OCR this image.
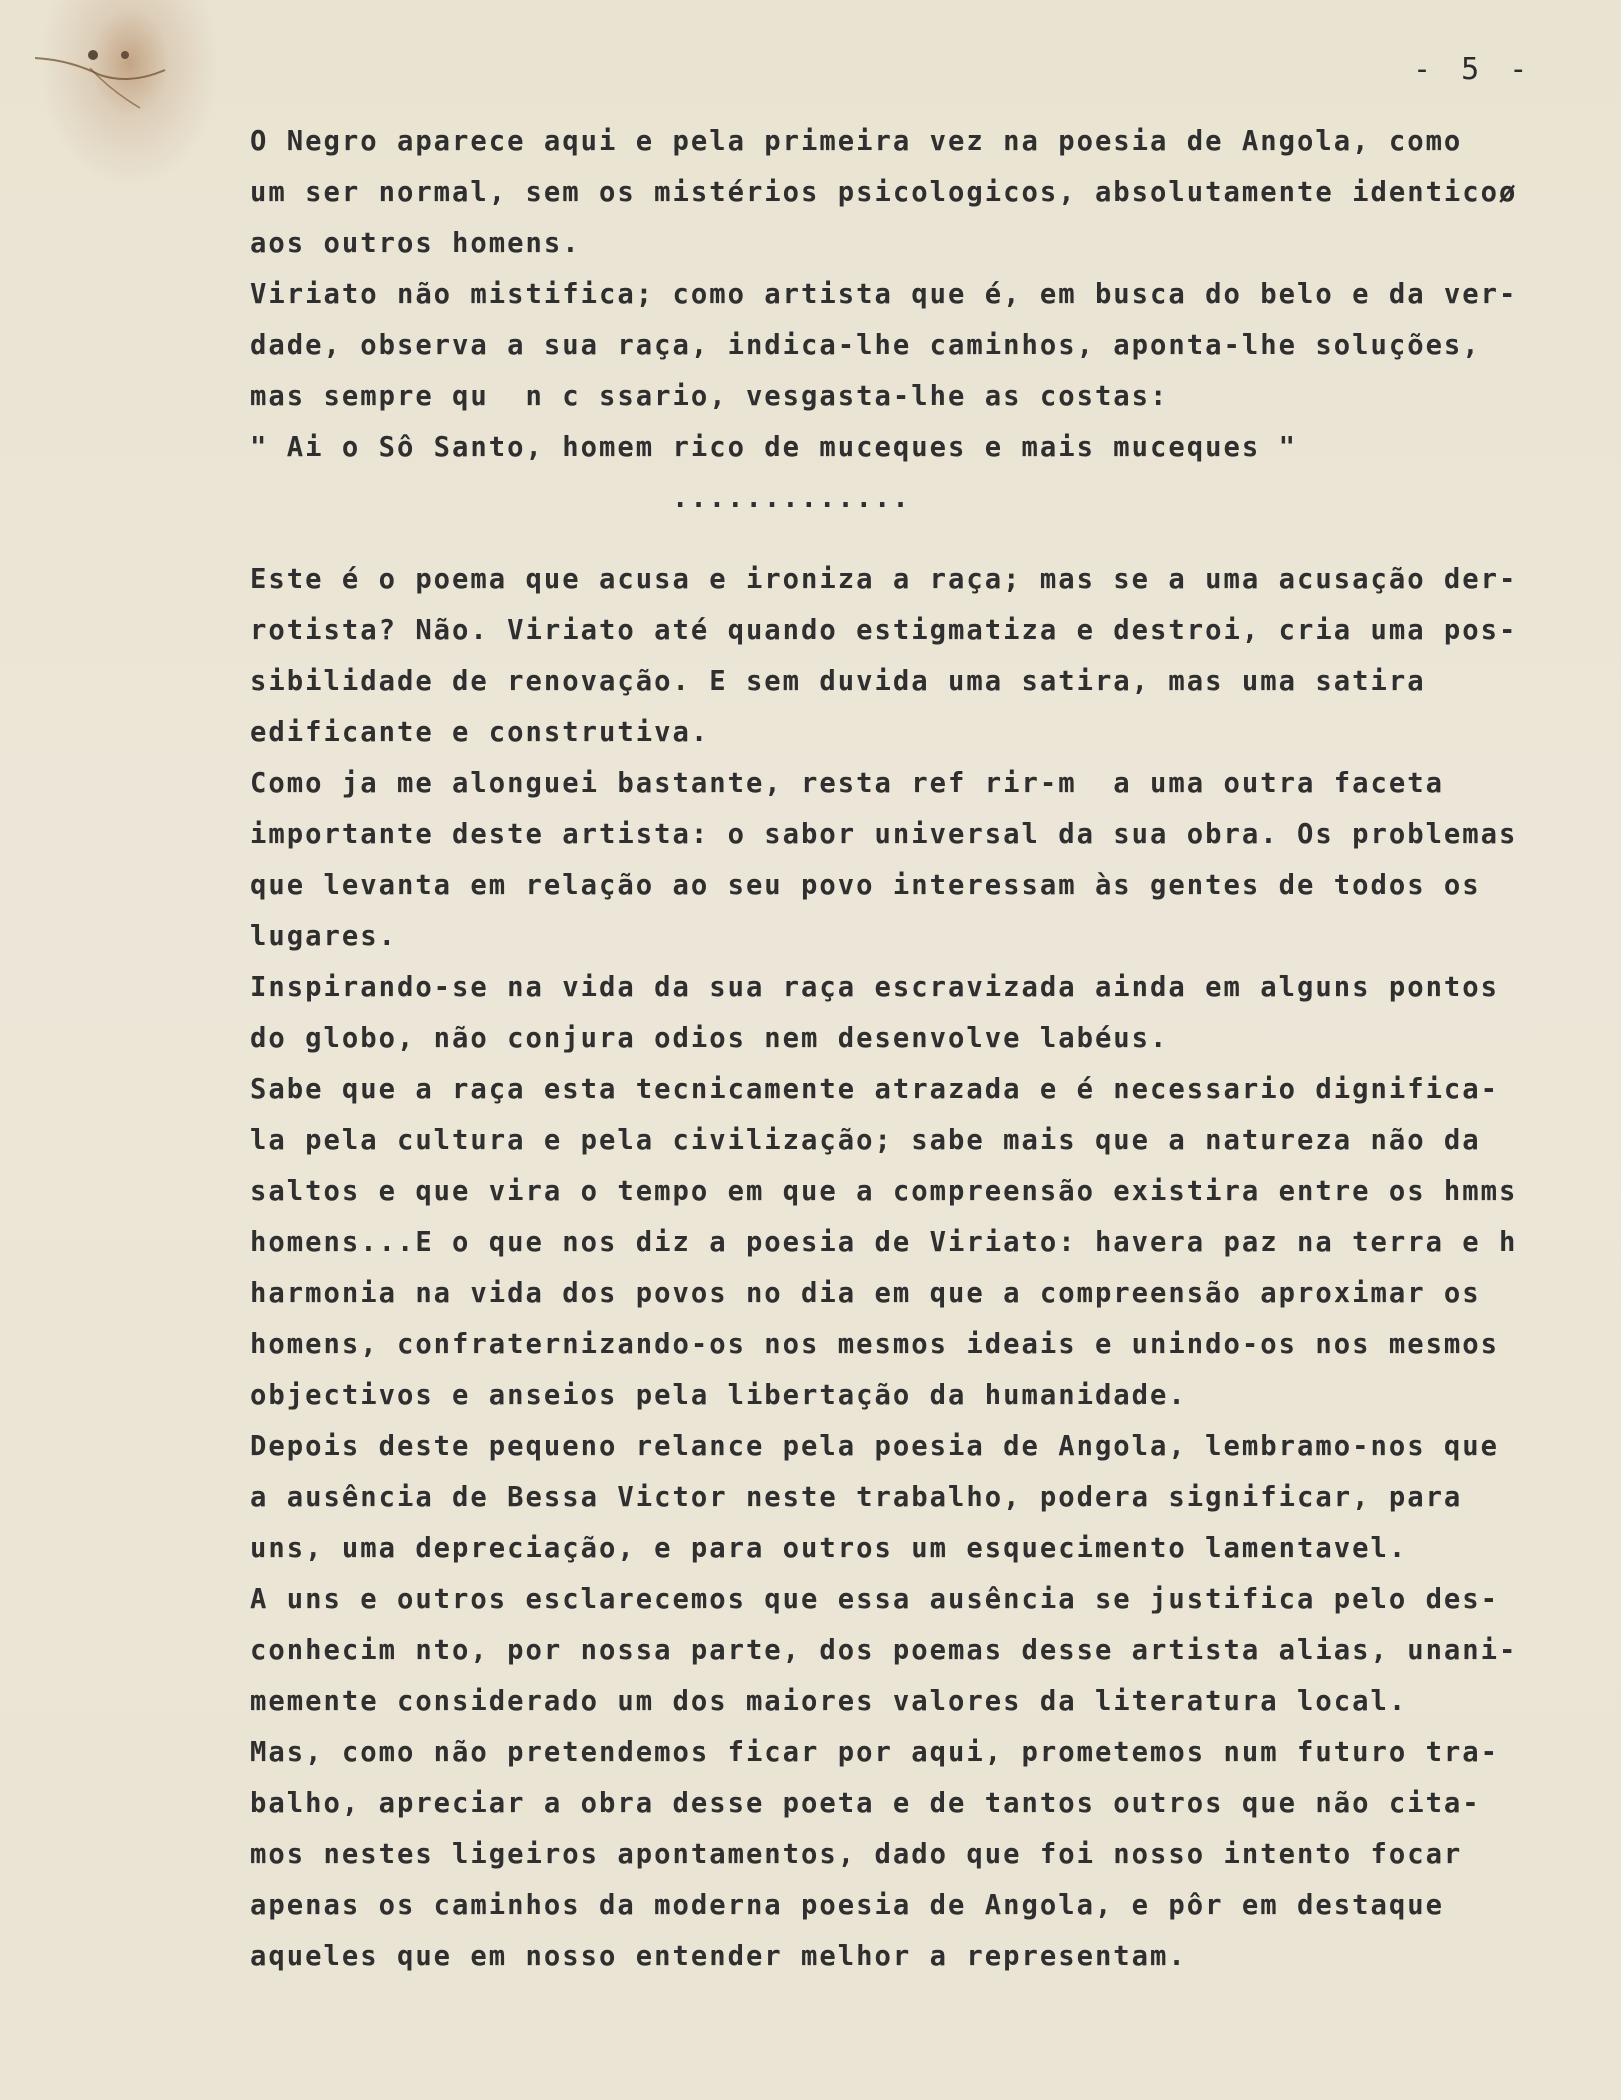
- 5 -
O Negro aparece aqui e pela primeira vez na poesia de Angola, como
um ser normal, sem os mistérios psicologicos, absolutamente identicoø
aos outros homens.
Viriato não mistifica; como artista que é, em busca do belo e da ver-
dade, observa a sua raça, indica-lhe caminhos, aponta-lhe soluções,
mas sempre qu  n c ssario, vesgasta-lhe as costas:
" Ai o Sô Santo, homem rico de muceques e mais muceques "
.............
Este é o poema que acusa e ironiza a raça; mas se a uma acusação der-
rotista? Não. Viriato até quando estigmatiza e destroi, cria uma pos-
sibilidade de renovação. E sem duvida uma satira, mas uma satira
edificante e construtiva.
Como ja me alonguei bastante, resta ref rir-m  a uma outra faceta
importante deste artista: o sabor universal da sua obra. Os problemas
que levanta em relação ao seu povo interessam às gentes de todos os
lugares.
Inspirando-se na vida da sua raça escravizada ainda em alguns pontos
do globo, não conjura odios nem desenvolve labéus.
Sabe que a raça esta tecnicamente atrazada e é necessario dignifica-
la pela cultura e pela civilização; sabe mais que a natureza não da
saltos e que vira o tempo em que a compreensão existira entre os hmms
homens...E o que nos diz a poesia de Viriato: havera paz na terra e h
harmonia na vida dos povos no dia em que a compreensão aproximar os
homens, confraternizando-os nos mesmos ideais e unindo-os nos mesmos
objectivos e anseios pela libertação da humanidade.
Depois deste pequeno relance pela poesia de Angola, lembramo-nos que
a ausência de Bessa Victor neste trabalho, podera significar, para
uns, uma depreciação, e para outros um esquecimento lamentavel.
A uns e outros esclarecemos que essa ausência se justifica pelo des-
conhecim nto, por nossa parte, dos poemas desse artista alias, unani-
memente considerado um dos maiores valores da literatura local.
Mas, como não pretendemos ficar por aqui, prometemos num futuro tra-
balho, apreciar a obra desse poeta e de tantos outros que não cita-
mos nestes ligeiros apontamentos, dado que foi nosso intento focar
apenas os caminhos da moderna poesia de Angola, e pôr em destaque
aqueles que em nosso entender melhor a representam.
